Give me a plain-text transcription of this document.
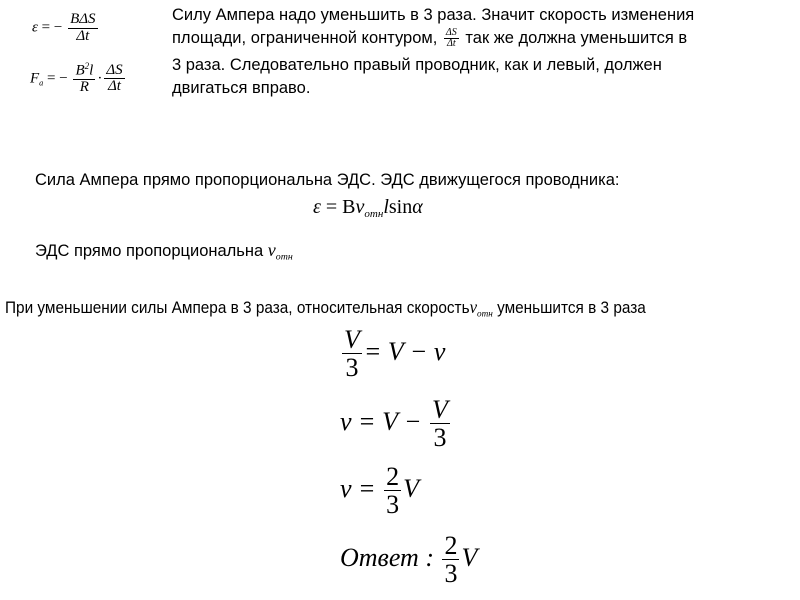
ε = − $\frac{\text{BΔS}}{\Delta t}$
$F_a$ = − $\frac{B^2l}{R} \cdot \frac{\Delta S}{\Delta t}$
Силу Ампера надо уменьшить в 3 раза. Значит скорость изменения
площади, ограниченной контуром, $\frac{\Delta S}{\Delta t}$ так же должна уменьшится в
3 раза. Следовательно правый проводник, как и левый, должен
двигаться вправо.
Сила Ампера прямо пропорциональна ЭДС. ЭДС движущегося проводника:
$\varepsilon = Bv_{отн}lsin\alpha$
ЭДС прямо пропорциональна $v_{отн}$
При уменьшении силы Ампера в 3 раза, относительная скоростьv$_{отн}$ уменьшится в 3 раза
$\frac{V}{3} = V - v$
$v = V - \frac{V}{3}$
$v = \frac{2}{3}$ V
Ответ : $\frac{2}{3}$ V
